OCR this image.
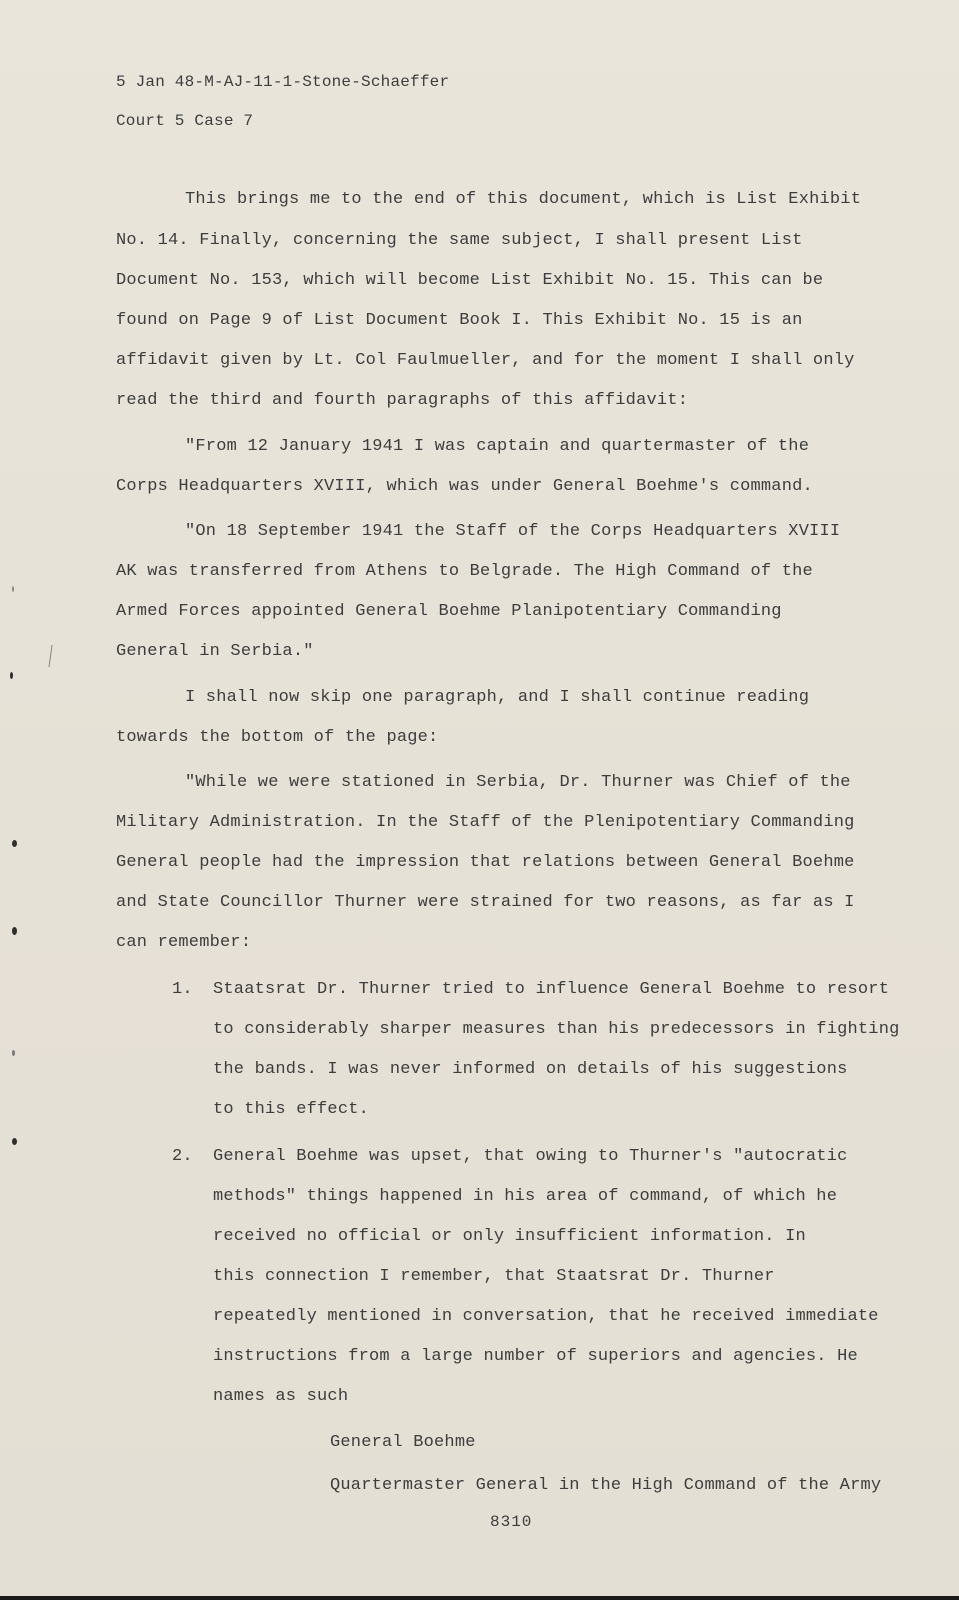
5 Jan 48-M-AJ-11-1-Stone-Schaeffer
Court 5 Case 7
This brings me to the end of this document, which is List Exhibit
No. 14. Finally, concerning the same subject, I shall present List
Document No. 153, which will become List Exhibit No. 15. This can be
found on Page 9 of List Document Book I. This Exhibit No. 15 is an
affidavit given by Lt. Col Faulmueller, and for the moment I shall only
read the third and fourth paragraphs of this affidavit:
"From 12 January 1941 I was captain and quartermaster of the
Corps Headquarters XVIII, which was under General Boehme's command.
"On 18 September 1941 the Staff of the Corps Headquarters XVIII
AK was transferred from Athens to Belgrade. The High Command of the
Armed Forces appointed General Boehme Planipotentiary Commanding
General in Serbia."
I shall now skip one paragraph, and I shall continue reading
towards the bottom of the page:
"While we were stationed in Serbia, Dr. Thurner was Chief of the
Military Administration. In the Staff of the Plenipotentiary Commanding
General people had the impression that relations between General Boehme
and State Councillor Thurner were strained for two reasons, as far as I
can remember:
1. Staatsrat Dr. Thurner tried to influence General Boehme to resort
to considerably sharper measures than his predecessors in fighting
the bands. I was never informed on details of his suggestions
to this effect.
2. General Boehme was upset, that owing to Thurner's "autocratic
methods" things happened in his area of command, of which he
received no official or only insufficient information. In
this connection I remember, that Staatsrat Dr. Thurner
repeatedly mentioned in conversation, that he received immediate
instructions from a large number of superiors and agencies. He
names as such
General Boehme
Quartermaster General in the High Command of the Army
8310
